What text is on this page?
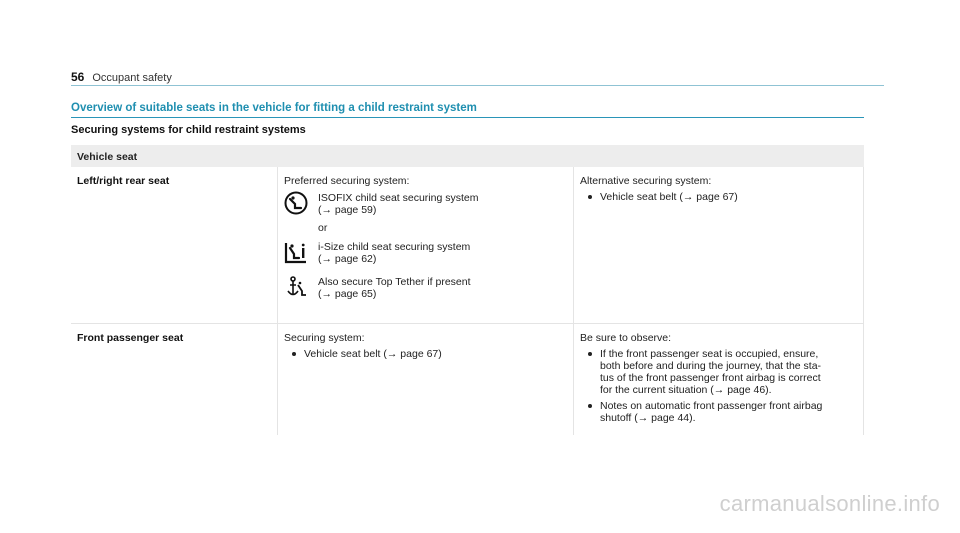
56 Occupant safety
Overview of suitable seats in the vehicle for fitting a child restraint system
Securing systems for child restraint systems
Vehicle seat
Left/right rear seat	Preferred securing system:
ISOFIX child seat securing system
(→ page 59)
or
i-Size child seat securing system
(→ page 62)
Also secure Top Tether if present
(→ page 65)
Alternative securing system:
Vehicle seat belt (→ page 67)
Front passenger seat	Securing system:
Vehicle seat belt (→ page 67)
Be sure to observe:
If the front passenger seat is occupied, ensure,
both before and during the journey, that the sta-
tus of the front passenger front airbag is correct
for the current situation (→ page 46).
Notes on automatic front passenger front airbag
shutoff (→ page 44).
carmanualsonline.info
